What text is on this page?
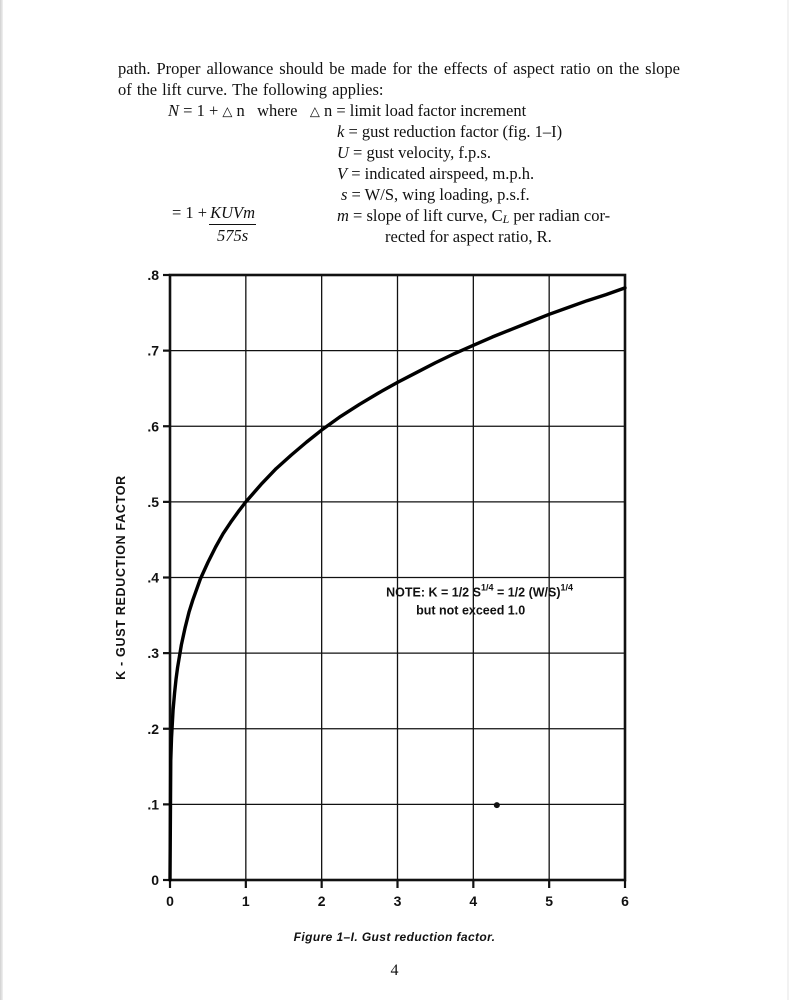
path. Proper allowance should be made for the effects of aspect ratio on the slope of the lift curve. The following applies:

N = 1 + △ n where △ n = limit load factor increment
k = gust reduction factor (fig. 1–I)
U = gust velocity, f.p.s.
V = indicated airspeed, m.p.h.
s = W/S, wing loading, p.s.f.
m = slope of lift curve, CL per radian cor-
rected for aspect ratio, R.
= $1 + \frac{\text{KUVm}}{575s}$
0
.1
.2
.3
.4
.5
.6
.7
.8
0	1	2	3	4	5	6
NOTE: K = 1/2 S$^{1/4}$ = 1/2 (W/S)$^{1/4}$
but not exceed 1.0
K - GUST REDUCTION FACTOR
Figure 1–I. Gust reduction factor.
4
